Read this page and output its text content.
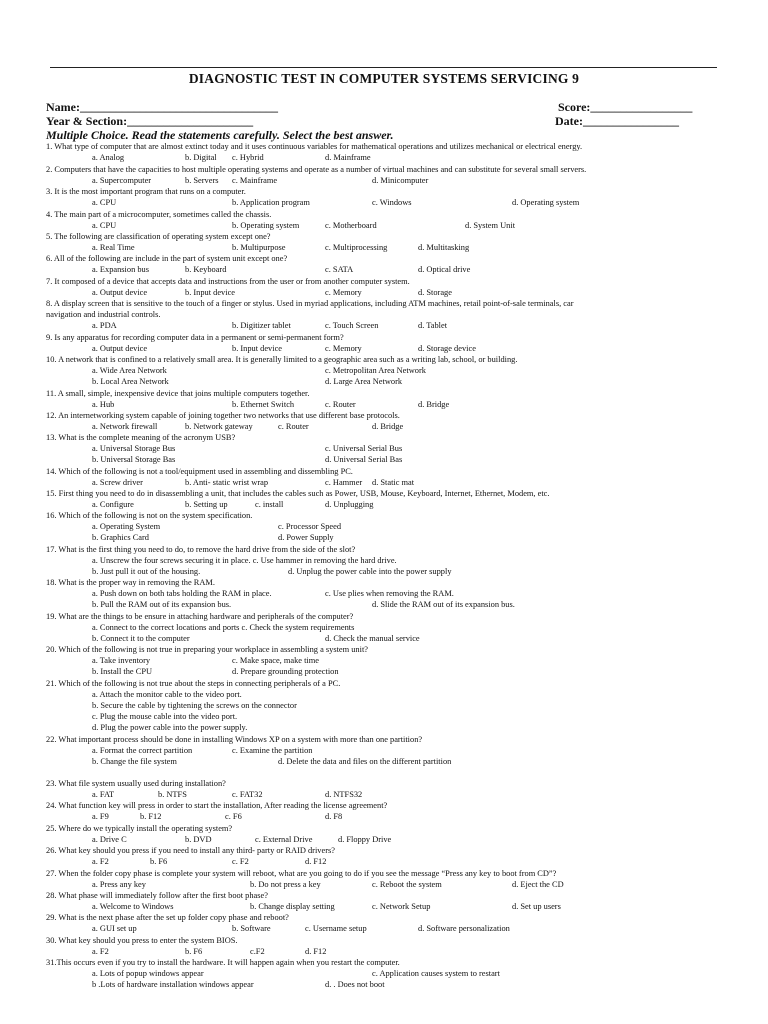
DIAGNOSTIC TEST IN COMPUTER SYSTEMS SERVICING 9
Name:_________________________________	Score:_________________
Year & Section:_____________________	Date:________________
Multiple Choice. Read the statements carefully. Select the best answer.
1. What type of computer that are almost extinct today and it uses continuous variables for mathematical operations and utilizes mechanical or electrical energy.
a. Analog	b. Digital c. Hybrid	d. Mainframe
2. Computers that have the capacities to host multiple operating systems and operate as a number of virtual machines and can substitute for several small servers.
a. Supercomputer	b. Servers c. Mainframe	d. Minicomputer
3. It is the most important program that runs on a computer.
a. CPU	b. Application program	c. Windows	d. Operating system
4. The main part of a microcomputer, sometimes called the chassis.
a. CPU	b. Operating system	c. Motherboard	d. System Unit
5. The following are classification of operating system except one?
a. Real Time	b. Multipurpose	c. Multiprocessing	d. Multitasking
6. All of the following are include in the part of system unit except one?
a. Expansion bus	b. Keyboard	c. SATA	d. Optical drive
7. It composed of a device that accepts data and instructions from the user or from another computer system.
a. Output device	b. Input device	c. Memory	d. Storage
8. A display screen that is sensitive to the touch of a finger or stylus. Used in myriad applications, including ATM machines, retail point-of-sale terminals, car
navigation and industrial controls.
a. PDA	b. Digitizer tablet	c. Touch Screen	d. Tablet
9. Is any apparatus for recording computer data in a permanent or semi-permanent form?
a. Output device	b. Input device	c. Memory	d. Storage device
10. A network that is confined to a relatively small area. It is generally limited to a geographic area such as a writing lab, school, or building.
a. Wide Area Network	c. Metropolitan Area Network
b. Local Area Network	d. Large Area Network
11. A small, simple, inexpensive device that joins multiple computers together.
a. Hub	b. Ethernet Switch	c. Router	d. Bridge
12. An internetworking system capable of joining together two networks that use different base protocols.
a. Network firewall	b. Network gateway	c. Router	d. Bridge
13. What is the complete meaning of the acronym USB?
a. Universal Storage Bus	c. Universal Serial Bus
b. Universal Storage Bas	d. Universal Serial Bas
14. Which of the following is not a tool/equipment used in assembling and dissembling PC.
a. Screw driver	b. Anti- static wrist wrap	c. Hammer d. Static mat
15. First thing you need to do in disassembling a unit, that includes the cables such as Power, USB, Mouse, Keyboard, Internet, Ethernet, Modem, etc.
a. Configure	b. Setting up	c. install	d. Unplugging
16. Which of the following is not on the system specification.
a. Operating System	c. Processor Speed
b. Graphics Card	d. Power Supply
17. What is the first thing you need to do, to remove the hard drive from the side of the slot?
a. Unscrew the four screws securing it in place. c. Use hammer in removing the hard drive.
b. Just pull it out of the housing.	d. Unplug the power cable into the power supply
18. What is the proper way in removing the RAM.
a. Push down on both tabs holding the RAM in place.	c. Use plies when removing the RAM.
b. Pull the RAM out of its expansion bus.	d. Slide the RAM out of its expansion bus.
19. What are the things to be ensure in attaching hardware and peripherals of the computer?
a. Connect to the correct locations and ports c. Check the system requirements
b. Connect it to the computer	d. Check the manual service
20. Which of the following is not true in preparing your workplace in assembling a system unit?
a. Take inventory	c. Make space, make time
b. Install the CPU	d. Prepare grounding protection
21. Which of the following is not true about the steps in connecting peripherals of a PC.
a. Attach the monitor cable to the video port.
b. Secure the cable by tightening the screws on the connector
c. Plug the mouse cable into the video port.
d. Plug the power cable into the power supply.
22. What important process should be done in installing Windows XP on a system with more than one partition?
a. Format the correct partition	c. Examine the partition
b. Change the file system	d. Delete the data and files on the different partition
23. What file system usually used during installation?
a. FAT	b. NTFS	c. FAT32	d. NTFS32
24. What function key will press in order to start the installation, After reading the license agreement?
a. F9	b. F12	c. F6	d. F8
25. Where do we typically install the operating system?
a. Drive C	b. DVD	c. External Drive	d. Floppy Drive
26. What key should you press if you need to install any third- party or RAID drivers?
a. F2	b. F6	c. F2	d. F12
27. When the folder copy phase is complete your system will reboot, what are you going to do if you see the message “Press any key to boot from CD”?
a. Press any key	b. Do not press a key	c. Reboot the system	d. Eject the CD
28. What phase will immediately follow after the first boot phase?
a. Welcome to Windows	b. Change display setting	c. Network Setup	d. Set up users
29. What is the next phase after the set up folder copy phase and reboot?
a. GUI set up	b. Software	c. Username setup	d. Software personalization
30. What key should you press to enter the system BIOS.
a. F2	b. F6	c.F2	d. F12
31.This occurs even if you try to install the hardware. It will happen again when you restart the computer.
a. Lots of popup windows appear	c. Application causes system to restart
b .Lots of hardware installation windows appear	d. . Does not boot
